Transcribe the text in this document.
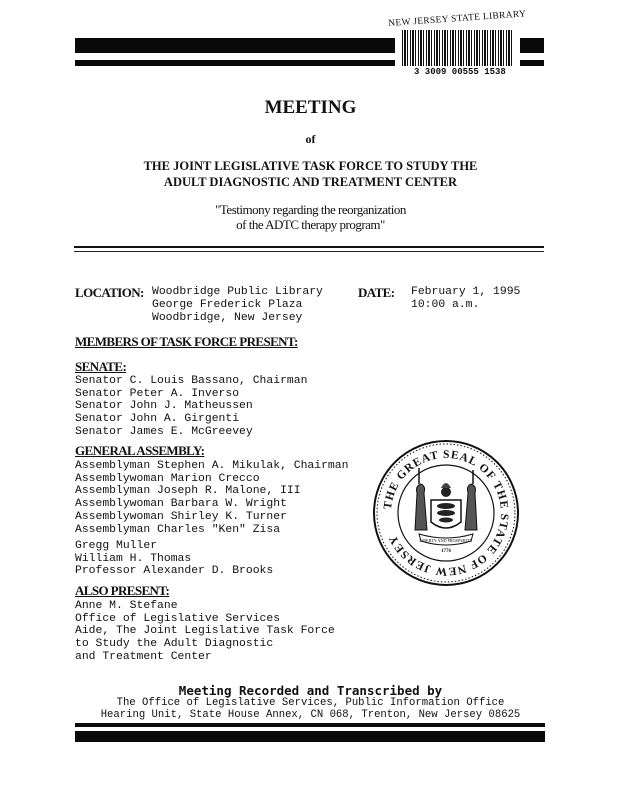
NEW JERSEY STATE LIBRARY
3 3009 00555 1538
MEETING
of
THE JOINT LEGISLATIVE TASK FORCE TO STUDY THE
ADULT DIAGNOSTIC AND TREATMENT CENTER
"Testimony regarding the reorganization
of the ADTC therapy program"
LOCATION: Woodbridge Public Library
George Frederick Plaza
Woodbridge, New Jersey
DATE: February 1, 1995
10:00 a.m.
MEMBERS OF TASK FORCE PRESENT:
SENATE:
Senator C. Louis Bassano, Chairman
Senator Peter A. Inverso
Senator John J. Matheussen
Senator John A. Girgenti
Senator James E. McGreevey
GENERAL ASSEMBLY:
Assemblyman Stephen A. Mikulak, Chairman
Assemblywoman Marion Crecco
Assemblyman Joseph R. Malone, III
Assemblywoman Barbara W. Wright
Assemblywoman Shirley K. Turner
Assemblyman Charles "Ken" Zisa
Gregg Muller
William H. Thomas
Professor Alexander D. Brooks
ALSO PRESENT:
Anne M. Stefane
Office of Legislative Services
Aide, The Joint Legislative Task Force
to Study the Adult Diagnostic
and Treatment Center
THE GREAT SEAL OF THE STATE OF NEW JERSEY	LIBERTY AND PROSPERITY
1776
Meeting Recorded and Transcribed by
The Office of Legislative Services, Public Information Office
Hearing Unit, State House Annex, CN 068, Trenton, New Jersey 08625
